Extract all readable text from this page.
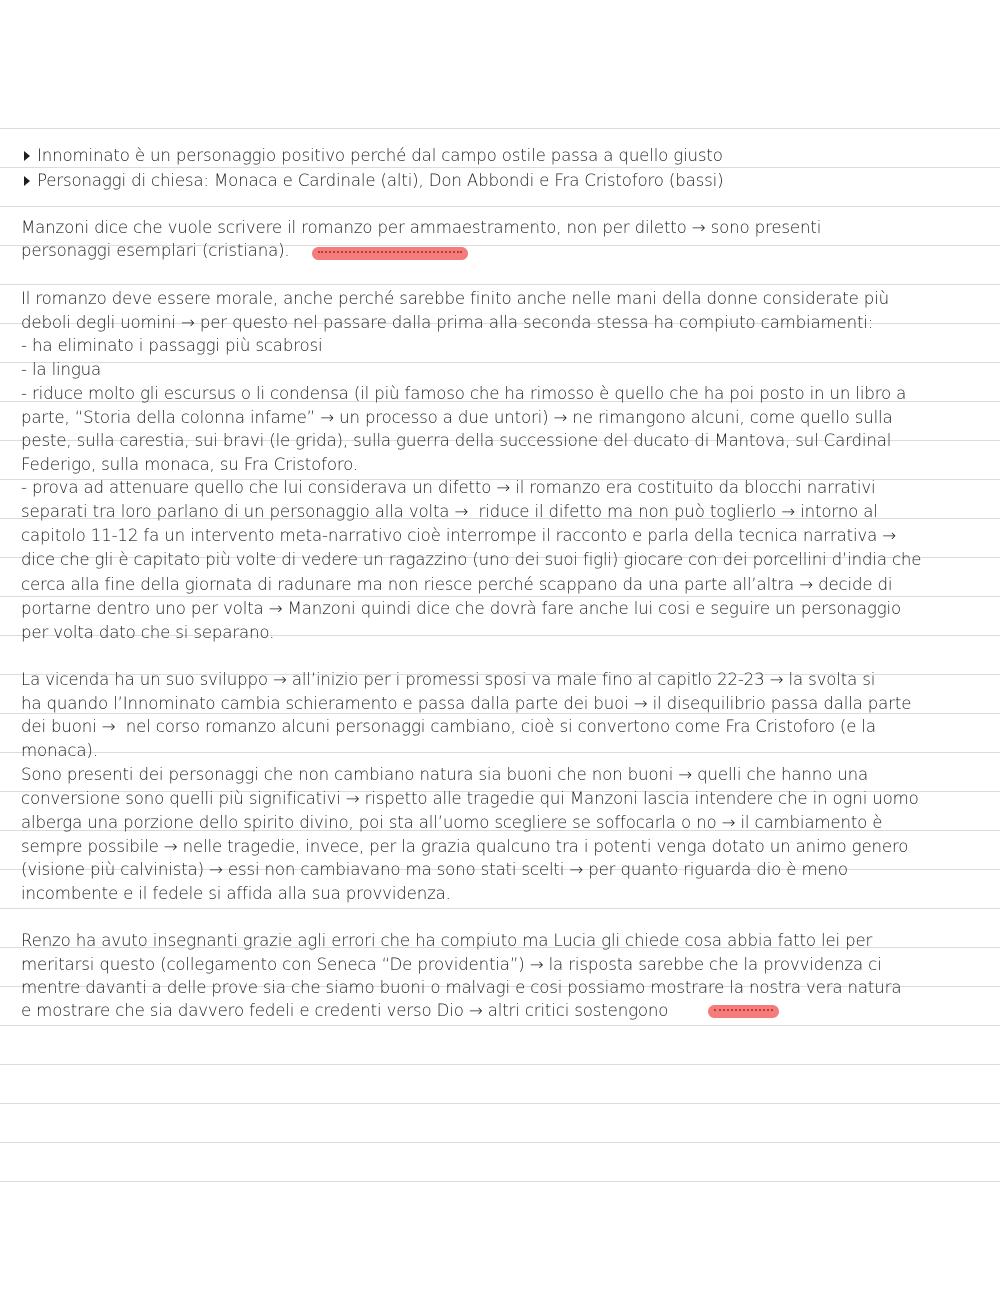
Innominato è un personaggio positivo perché dal campo ostile passa a quello giusto
Personaggi di chiesa: Monaca e Cardinale (alti), Don Abbondi e Fra Cristoforo (bassi)
Manzoni dice che vuole scrivere il romanzo per ammaestramento, non per diletto → sono presenti
personaggi esemplari (cristiana).
Il romanzo deve essere morale, anche perché sarebbe finito anche nelle mani della donne considerate più
deboli degli uomini → per questo nel passare dalla prima alla seconda stessa ha compiuto cambiamenti:
- ha eliminato i passaggi più scabrosi
- la lingua
- riduce molto gli escursus o li condensa (il più famoso che ha rimosso è quello che ha poi posto in un libro a
parte, “Storia della colonna infame” → un processo a due untori) → ne rimangono alcuni, come quello sulla
peste, sulla carestia, sui bravi (le grida), sulla guerra della successione del ducato di Mantova, sul Cardinal
Federigo, sulla monaca, su Fra Cristoforo.
- prova ad attenuare quello che lui considerava un difetto → il romanzo era costituito da blocchi narrativi
separati tra loro parlano di un personaggio alla volta →  riduce il difetto ma non può toglierlo → intorno al
capitolo 11-12 fa un intervento meta-narrativo cioè interrompe il racconto e parla della tecnica narrativa →
dice che gli è capitato più volte di vedere un ragazzino (uno dei suoi figli) giocare con dei porcellini d’india che
cerca alla fine della giornata di radunare ma non riesce perché scappano da una parte all’altra → decide di
portarne dentro uno per volta → Manzoni quindi dice che dovrà fare anche lui cosi e seguire un personaggio
per volta dato che si separano.
La vicenda ha un suo sviluppo → all’inizio per i promessi sposi va male fino al capitlo 22-23 → la svolta si
ha quando l’Innominato cambia schieramento e passa dalla parte dei buoi → il disequilibrio passa dalla parte
dei buoni →  nel corso romanzo alcuni personaggi cambiano, cioè si convertono come Fra Cristoforo (e la
monaca).
Sono presenti dei personaggi che non cambiano natura sia buoni che non buoni → quelli che hanno una
conversione sono quelli più significativi → rispetto alle tragedie qui Manzoni lascia intendere che in ogni uomo
alberga una porzione dello spirito divino, poi sta all’uomo scegliere se soffocarla o no → il cambiamento è
sempre possibile → nelle tragedie, invece, per la grazia qualcuno tra i potenti venga dotato un animo genero
(visione più calvinista) → essi non cambiavano ma sono stati scelti → per quanto riguarda dio è meno
incombente e il fedele si affida alla sua provvidenza.
Renzo ha avuto insegnanti grazie agli errori che ha compiuto ma Lucia gli chiede cosa abbia fatto lei per
meritarsi questo (collegamento con Seneca “De providentia”) → la risposta sarebbe che la provvidenza ci
mentre davanti a delle prove sia che siamo buoni o malvagi e cosi possiamo mostrare la nostra vera natura
e mostrare che sia davvero fedeli e credenti verso Dio → altri critici sostengono
